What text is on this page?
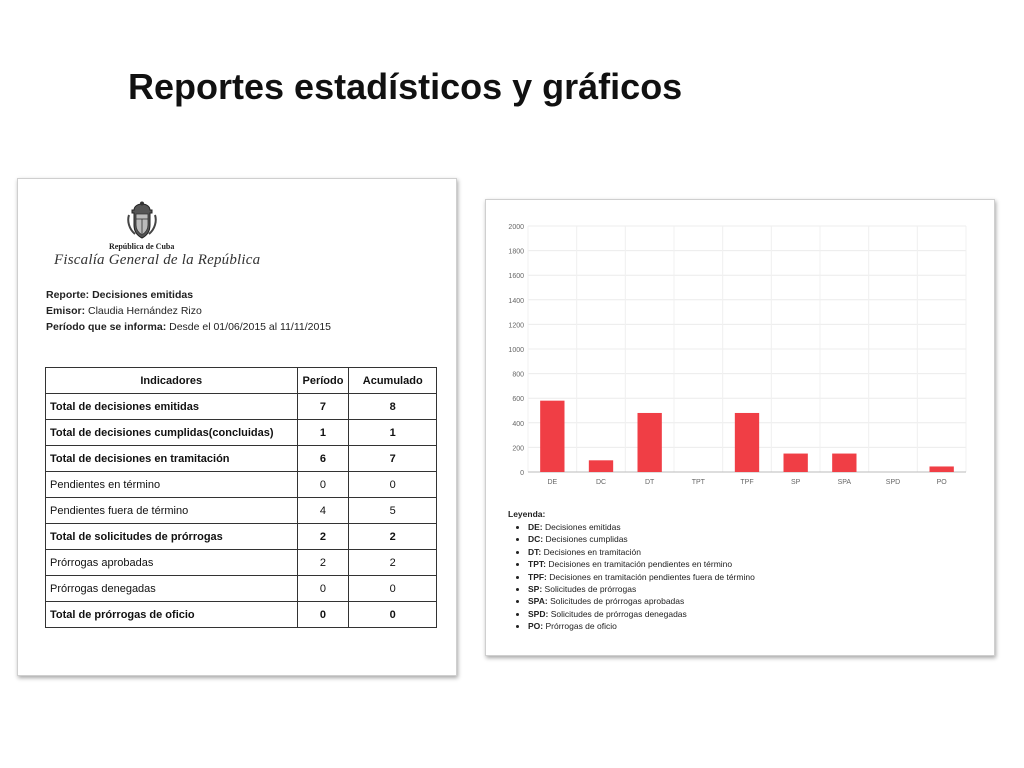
Reportes estadísticos y gráficos
República de Cuba
Fiscalía General de la República
Reporte: Decisiones emitidas
Emisor: Claudia Hernández Rizo
Período que se informa: Desde el 01/06/2015 al 11/11/2015
Indicadores	Período	Acumulado
Total de decisiones emitidas	7	8
Total de decisiones cumplidas(concluidas)	1	1
Total de decisiones en tramitación	6	7
Pendientes en término	0	0
Pendientes fuera de término	4	5
Total de solicitudes de prórrogas	2	2
Prórrogas aprobadas	2	2
Prórrogas denegadas	0	0
Total de prórrogas de oficio	0	0
0
200
400
600
800
1000
1200
1400
1600
1800
2000
DE	DC	DT	TPT	TPF	SP	SPA	SPD	PO
Leyenda:
• DE: Decisiones emitidas
• DC: Decisiones cumplidas
• DT: Decisiones en tramitación
• TPT: Decisiones en tramitación pendientes en término
• TPF: Decisiones en tramitación pendientes fuera de término
• SP: Solicitudes de prórrogas
• SPA: Solicitudes de prórrogas aprobadas
• SPD: Solicitudes de prórrogas denegadas
• PO: Prórrogas de oficio
